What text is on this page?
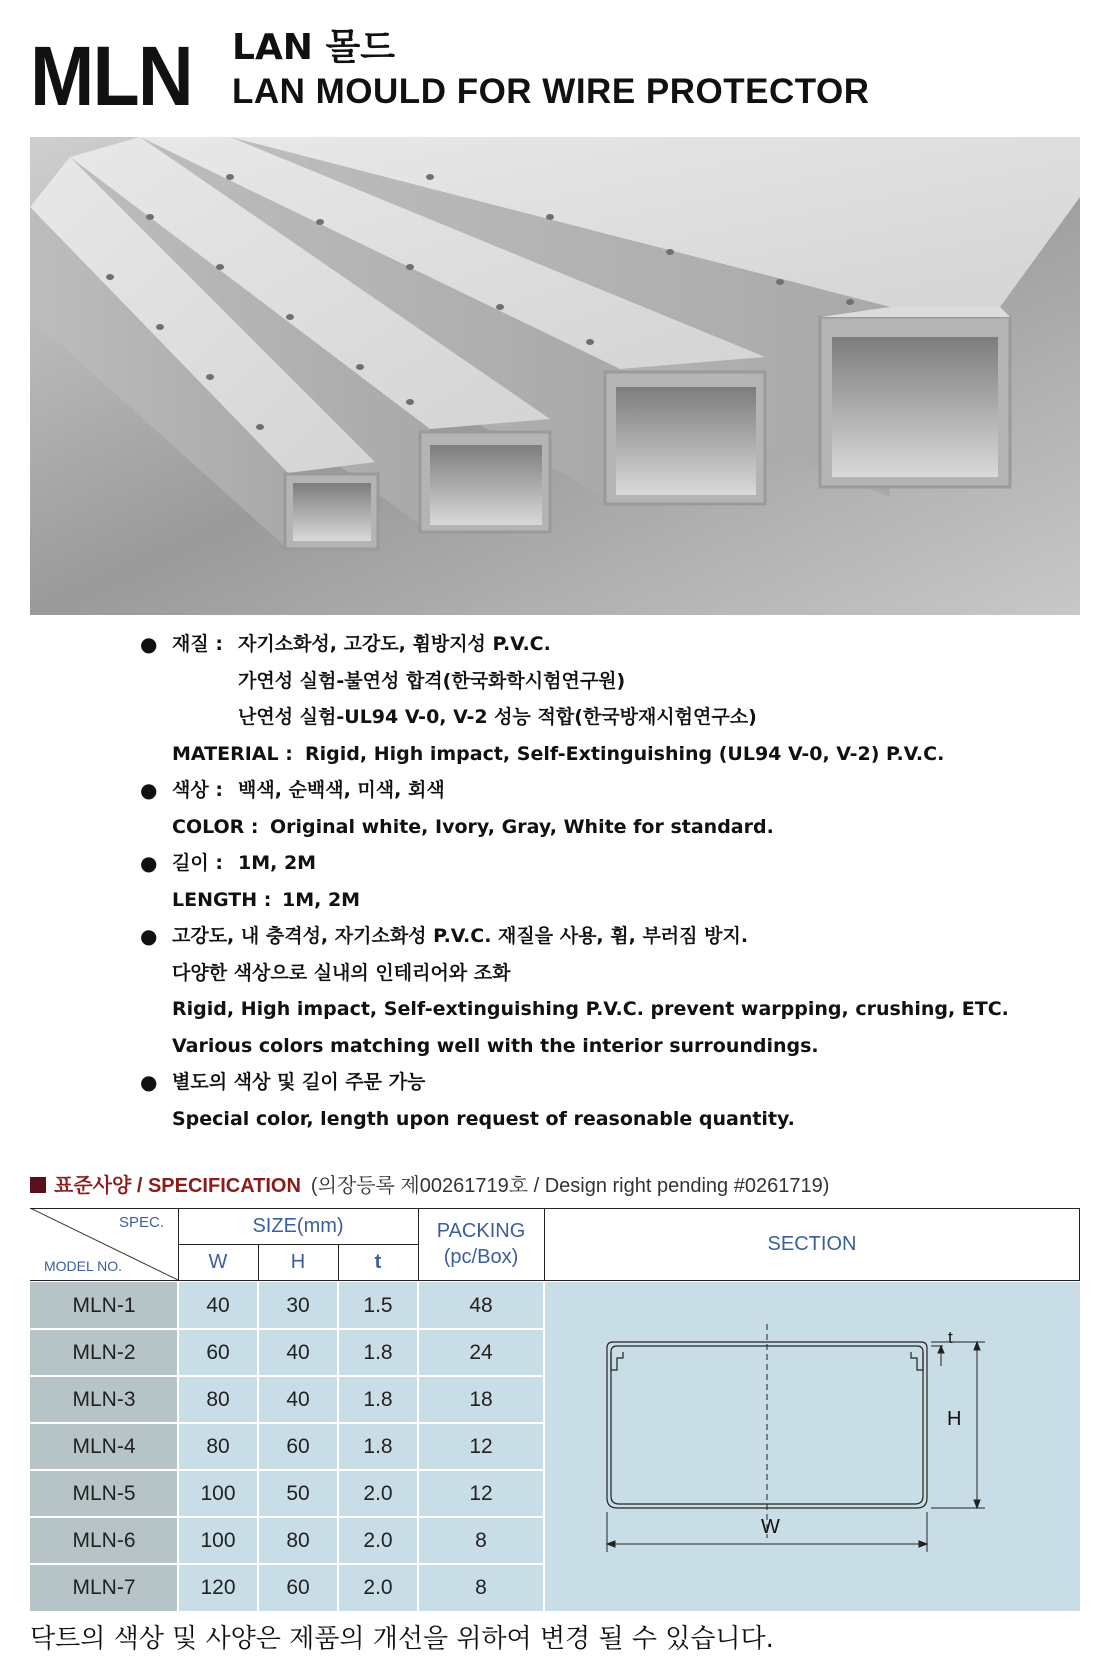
MLN LAN 몰드
LAN MOULD FOR WIRE PROTECTOR
● 재질 : 자기소화성, 고강도, 휨방지성 P.V.C.
가연성 실험-불연성 합격(한국화학시험연구원)
난연성 실험-UL94 V-0, V-2 성능 적합(한국방재시험연구소)
MATERIAL : Rigid, High impact, Self-Extinguishing (UL94 V-0, V-2) P.V.C.
● 색상 : 백색, 순백색, 미색, 회색
COLOR : Original white, Ivory, Gray, White for standard.
● 길이 : 1M, 2M
LENGTH : 1M, 2M
● 고강도, 내 충격성, 자기소화성 P.V.C. 재질을 사용, 휨, 부러짐 방지.
다양한 색상으로 실내의 인테리어와 조화
Rigid, High impact, Self-extinguishing P.V.C. prevent warpping, crushing, ETC.
Various colors matching well with the interior surroundings.
● 별도의 색상 및 길이 주문 가능
Special color, length upon request of reasonable quantity.
표준사양 / SPECIFICATION (의장등록 제00261719호 / Design right pending #0261719)
SPEC.
MODEL NO.
SIZE(mm)
W	H	t
PACKING
(pc/Box)
SECTION
MLN-1	40	30	1.5	48
MLN-2	60	40	1.8	24
MLN-3	80	40	1.8	18
MLN-4	80	60	1.8	12
MLN-5	100	50	2.0	12
MLN-6	100	80	2.0	8
MLN-7	120	60	2.0	8
W
H
t
닥트의 색상 및 사양은 제품의 개선을 위하여 변경 될 수 있습니다.
